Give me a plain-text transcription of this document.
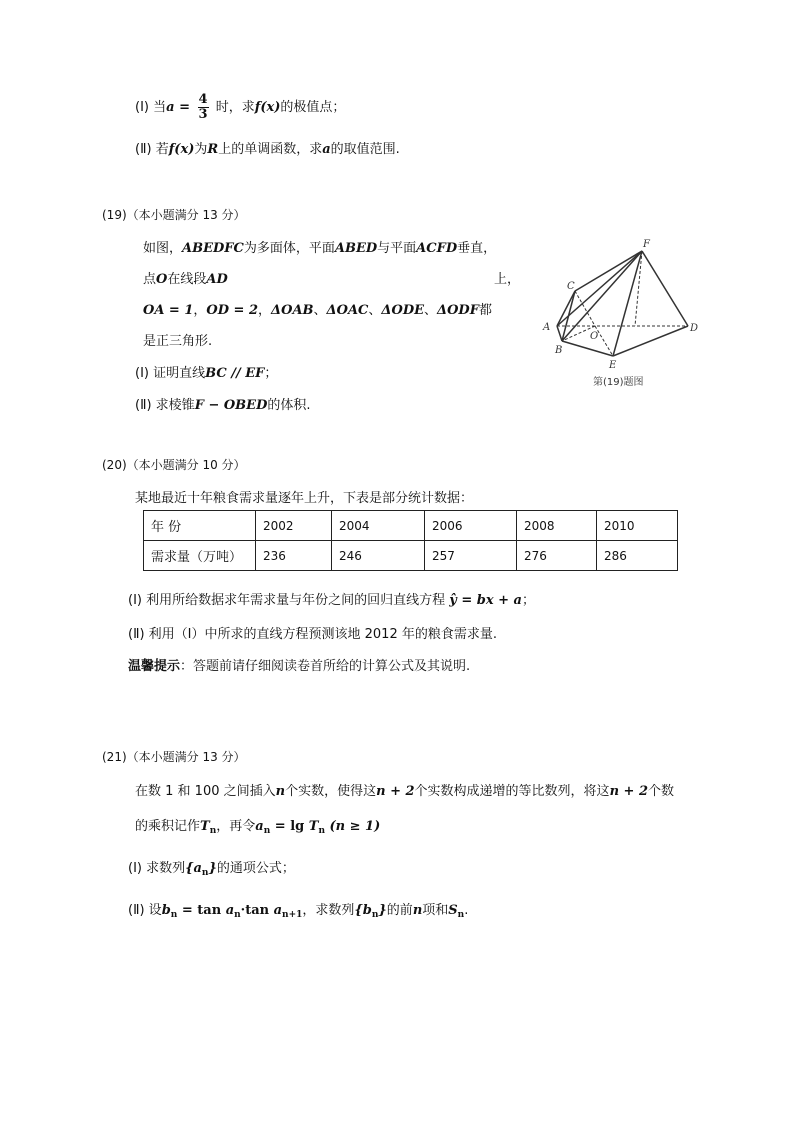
(Ⅰ) 当$a = \frac{4}{3}$ 时，求f(x)的极值点；
(Ⅱ) 若f(x)为R上的单调函数，求a的取值范围.
(19)（本小题满分 13 分）
如图，ABEDFC为多面体，平面ABED与平面ACFD垂直，
点O在线段AD	上，
OA = 1，OD = 2，ΔOAB、ΔOAC、ΔODE、ΔODF都
是正三角形.
(Ⅰ) 证明直线BC // EF；
(Ⅱ) 求棱锥F − OBED的体积.
F
C
A
O
D
B
E
第(19)题图
(20)（本小题满分 10 分）
某地最近十年粮食需求量逐年上升，下表是部分统计数据：
年 份	2002	2004	2006	2008	2010
需求量（万吨）	236	246	257	276	286
(Ⅰ) 利用所给数据求年需求量与年份之间的回归直线方程 ŷ = bx + a；
(Ⅱ) 利用（Ⅰ）中所求的直线方程预测该地 2012 年的粮食需求量.
温馨提示：答题前请仔细阅读卷首所给的计算公式及其说明.
(21)（本小题满分 13 分）
在数 1 和 100 之间插入n个实数，使得这n + 2个实数构成递增的等比数列，将这n + 2个数
的乘积记作$T_n$，再令$a_n = \lg T_n$ (n ≥ 1)
(Ⅰ) 求数列$\{a_n\}$的通项公式；
(Ⅱ) 设$b_n = \tan a_n\cdot\tan$ $a_{n+1}$，求数列$\{b_n\}$的前n项和$S_n$.
